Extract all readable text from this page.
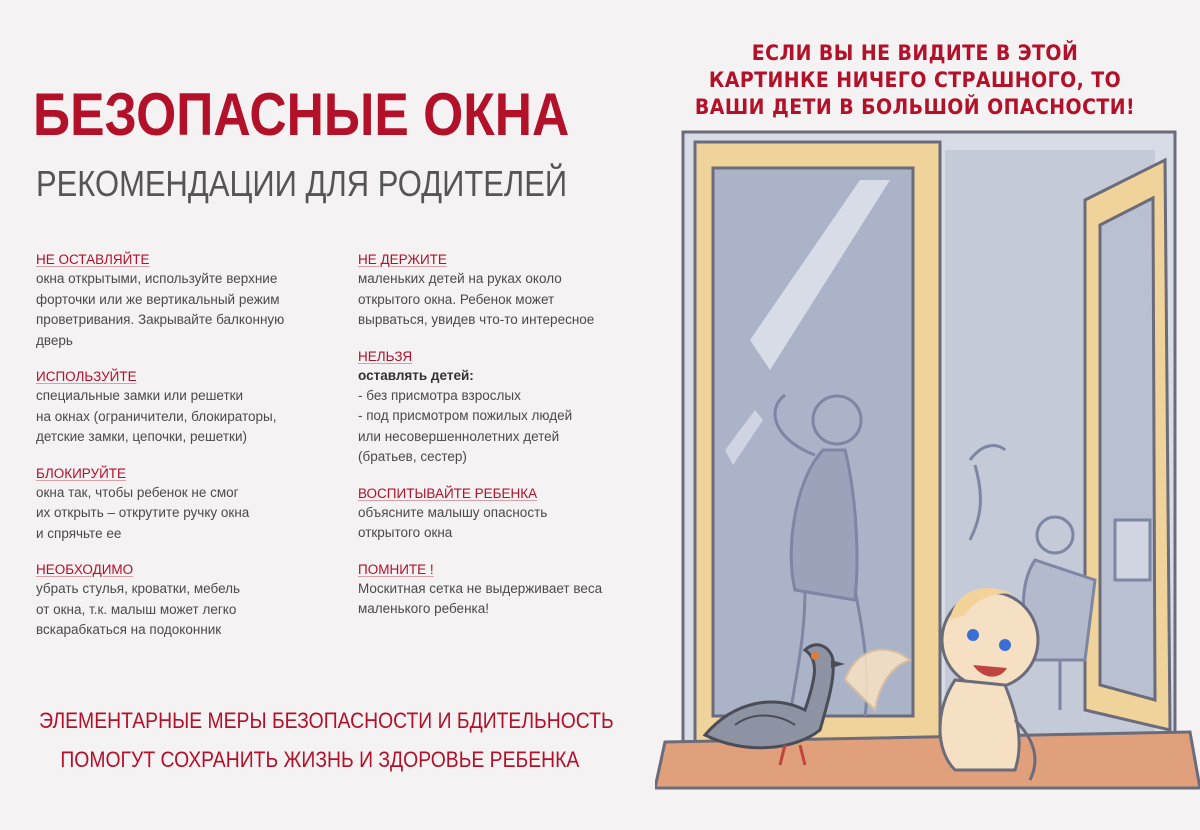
БЕЗОПАСНЫЕ ОКНА
РЕКОМЕНДАЦИИ ДЛЯ РОДИТЕЛЕЙ
НЕ ОСТАВЛЯЙТЕ
окна открытыми, используйте верхние
форточки или же вертикальный режим
проветривания. Закрывайте балконную
дверь
ИСПОЛЬЗУЙТЕ
специальные замки или решетки
на окнах (ограничители, блокираторы,
детские замки, цепочки, решетки)
БЛОКИРУЙТЕ
окна так, чтобы ребенок не смог
их открыть – открутите ручку окна
и спрячьте ее
НЕОБХОДИМО
убрать стулья, кроватки, мебель
от окна, т.к. малыш может легко
вскарабкаться на подоконник
НЕ ДЕРЖИТЕ
маленьких детей на руках около
открытого окна. Ребенок может
вырваться, увидев что-то интересное
НЕЛЬЗЯ
оставлять детей:
- без присмотра взрослых
- под присмотром пожилых людей
или несовершеннолетних детей
(братьев, сестер)
ВОСПИТЫВАЙТЕ РЕБЕНКА
объясните малышу опасность
открытого окна
ПОМНИТЕ !
Москитная сетка не выдерживает веса
маленького ребенка!
ЭЛЕМЕНТАРНЫЕ МЕРЫ БЕЗОПАСНОСТИ И БДИТЕЛЬНОСТЬ
ПОМОГУТ СОХРАНИТЬ ЖИЗНЬ И ЗДОРОВЬЕ РЕБЕНКА
ЕСЛИ ВЫ НЕ ВИДИТЕ В ЭТОЙ
КАРТИНКЕ НИЧЕГО СТРАШНОГО, ТО
ВАШИ ДЕТИ В БОЛЬШОЙ ОПАСНОСТИ!
